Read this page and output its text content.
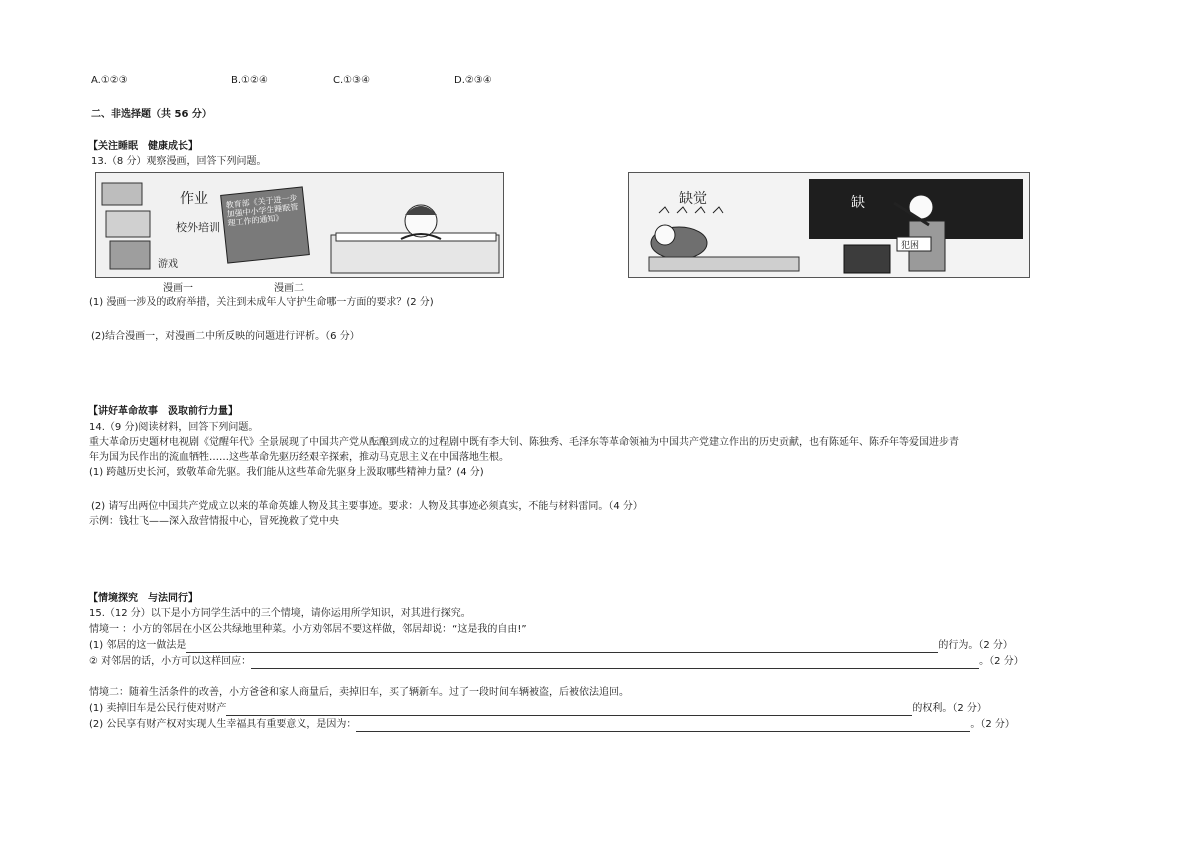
A.①②③	B.①②④	C.①③④	D.②③④
二、非选择题（共 56 分）
【关注睡眠　健康成长】
13.（8 分）观察漫画，回答下列问题。
作业
校外培训
游戏
教育部《关于进一步加强中小学生睡眠管理工作的通知》
漫画一
缺
缺觉
犯困
漫画二
(1) 漫画一涉及的政府举措，关注到未成年人守护生命哪一方面的要求？(2 分)
(2)结合漫画一，对漫画二中所反映的问题进行评析。（6 分）
【讲好革命故事　汲取前行力量】
14.（9 分)阅读材料，回答下列问题。
重大革命历史题材电视剧《觉醒年代》全景展现了中国共产党从酝酿到成立的过程剧中既有李大钊、陈独秀、毛泽东等革命领袖为中国共产党建立作出的历史贡献，也有陈延年、陈乔年等爱国进步青
年为国为民作出的流血牺牲……这些革命先驱历经艰辛探索，推动马克思主义在中国落地生根。
(1) 跨越历史长河，致敬革命先驱。我们能从这些革命先驱身上汲取哪些精神力量？(4 分)
(2) 请写出两位中国共产党成立以来的革命英雄人物及其主要事迹。要求：人物及其事迹必须真实，不能与材料雷同。（4 分）
示例：钱壮飞——深入敌营情报中心，冒死挽救了党中央
【情境探究　与法同行】
15.（12 分）以下是小方同学生活中的三个情境，请你运用所学知识，对其进行探究。
情境一 ：小方的邻居在小区公共绿地里种菜。小方劝邻居不要这样做，邻居却说：“这是我的自由!”
(1) 邻居的这一做法是	的行为。（2 分）
② 对邻居的话，小方可以这样回应：	。（2 分）
情境二：随着生活条件的改善，小方爸爸和家人商量后，卖掉旧车，买了辆新车。过了一段时间车辆被盗，后被依法追回。
(1) 卖掉旧车是公民行使对财产	的权利。（2 分）
(2) 公民享有财产权对实现人生幸福具有重要意义，是因为：	。（2 分）
